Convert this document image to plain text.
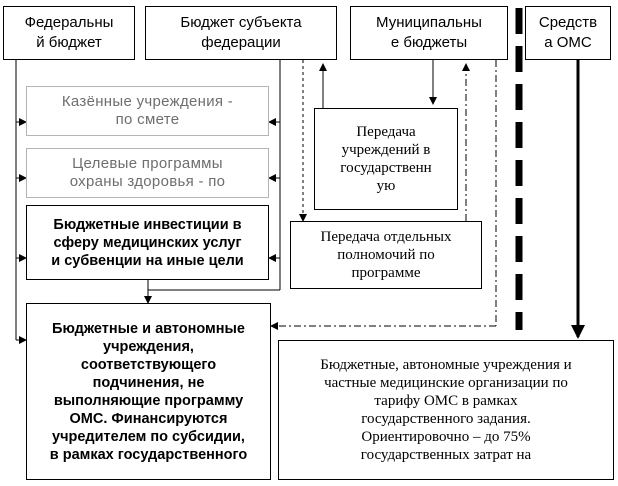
Федеральны
й бюджет
Бюджет субъекта
федерации
Муниципальны
е бюджеты
Средств
а ОМС
Казённые учреждения -
по смете
Целевые программы
охраны здоровья - по
Бюджетные инвестиции в
сферу медицинских услуг
и субвенции на иные цели
Бюджетные и автономные
учреждения,
соответствующего
подчинения, не
выполняющие программу
ОМС. Финансируются
учредителем по субсидии,
в рамках государственного
Передача
учреждений в
государственн
ую
Передача отдельных
полномочий по
программе
Бюджетные, автономные учреждения и
частные медицинские организации по
тарифу ОМС в рамках
государственного задания.
Ориентировочно – до 75%
государственных затрат на
